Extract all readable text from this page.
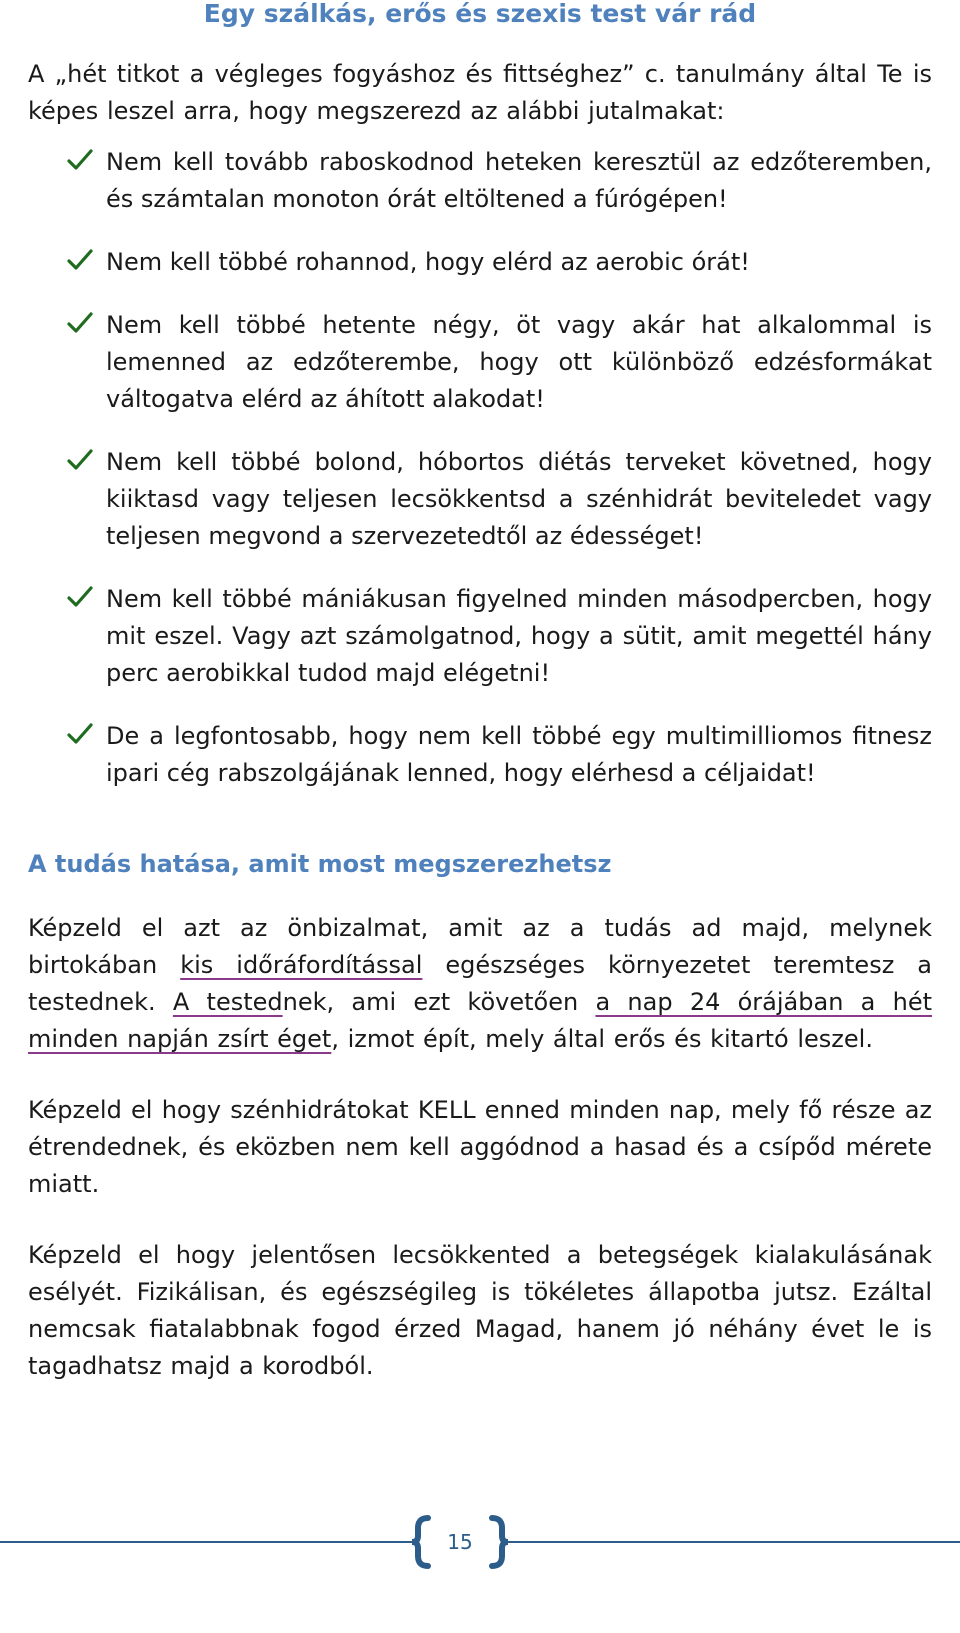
Egy szálkás, erős és szexis test vár rád

A „hét titkot a végleges fogyáshoz és fittséghez” c. tanulmány által Te is képes leszel arra, hogy megszerezd az alábbi jutalmakat:

Nem kell tovább raboskodnod heteken keresztül az edzőteremben, és számtalan monoton órát eltöltened a fúrógépen!
Nem kell többé rohannod, hogy elérd az aerobic órát!
Nem kell többé hetente négy, öt vagy akár hat alkalommal is lemenned az edzőterembe, hogy ott különböző edzésformákat váltogatva elérd az áhított alakodat!
Nem kell többé bolond, hóbortos diétás terveket követned, hogy kiiktasd vagy teljesen lecsökkentsd a szénhidrát beviteledet vagy teljesen megvond a szervezetedtől az édességet!
Nem kell többé mániákusan figyelned minden másodpercben, hogy mit eszel. Vagy azt számolgatnod, hogy a sütit, amit megettél hány perc aerobikkal tudod majd elégetni!
De a legfontosabb, hogy nem kell többé egy multimilliomos fitnesz ipari cég rabszolgájának lenned, hogy elérhesd a céljaidat!
A tudás hatása, amit most megszerezhetsz

Képzeld el azt az önbizalmat, amit az a tudás ad majd, melynek birtokában kis időráfordítással egészséges környezetet teremtesz a testednek. A testednek, ami ezt követően a nap 24 órájában a hét minden napján zsírt éget, izmot épít, mely által erős és kitartó leszel.

Képzeld el hogy szénhidrátokat KELL enned minden nap, mely fő része az étrendednek, és eközben nem kell aggódnod a hasad és a csípőd mérete miatt.

Képzeld el hogy jelentősen lecsökkented a betegségek kialakulásának esélyét. Fizikálisan, és egészségileg is tökéletes állapotba jutsz. Ezáltal nemcsak fiatalabbnak fogod érzed Magad, hanem jó néhány évet le is tagadhatsz majd a korodból.

15
